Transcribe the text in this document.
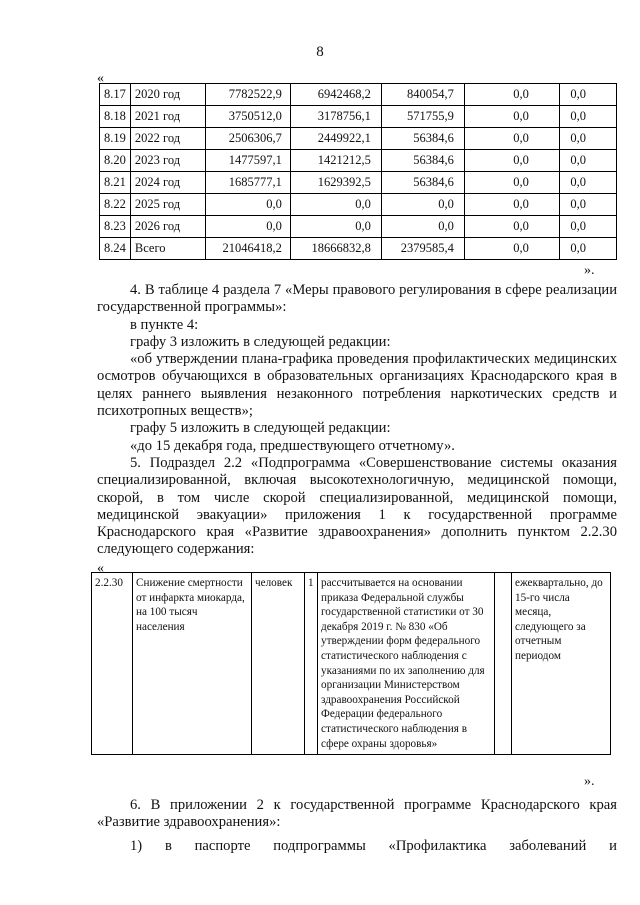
8
«
8.17	2020 год	7782522,9	6942468,2	840054,7	0,0	0,0
8.18	2021 год	3750512,0	3178756,1	571755,9	0,0	0,0
8.19	2022 год	2506306,7	2449922,1	56384,6	0,0	0,0
8.20	2023 год	1477597,1	1421212,5	56384,6	0,0	0,0
8.21	2024 год	1685777,1	1629392,5	56384,6	0,0	0,0
8.22	2025 год	0,0	0,0	0,0	0,0	0,0
8.23	2026 год	0,0	0,0	0,0	0,0	0,0
8.24	Всего	21046418,2	18666832,8	2379585,4	0,0	0,0
».

4. В таблице 4 раздела 7 «Меры правового регулирования в сфере реализации государственной программы»:

в пункте 4:

графу 3 изложить в следующей редакции:

«об утверждении плана-графика проведения профилактических медицинских осмотров обучающихся в образовательных организациях Краснодарского края в целях раннего выявления незаконного потребления наркотических средств и психотропных веществ»;

графу 5 изложить в следующей редакции:

«до 15 декабря года, предшествующего отчетному».

5. Подраздел 2.2 «Подпрограмма «Совершенствование системы оказания специализированной, включая высокотехнологичную, медицинской помощи, скорой, в том числе скорой специализированной, медицинской помощи, медицинской эвакуации» приложения 1 к государственной программе Краснодарского края «Развитие здравоохранения» дополнить пунктом 2.2.30 следующего содержания:

«
2.2.30	Снижение смертности от инфаркта миокарда, на 100 тысяч населения	человек	1	рассчитывается на основании приказа Федеральной службы государственной статистики от 30 декабря 2019 г. № 830 «Об утверждении форм федерального статистического наблюдения с указаниями по их заполнению для организации Министерством здравоохранения Российской Федерации федерального статистического наблюдения в сфере охраны здоровья»		ежеквартально, до 15-го числа месяца, следующего за отчетным периодом
».

6. В приложении 2 к государственной программе Краснодарского края «Развитие здравоохранения»:

1) в паспорте подпрограммы «Профилактика заболеваний и
